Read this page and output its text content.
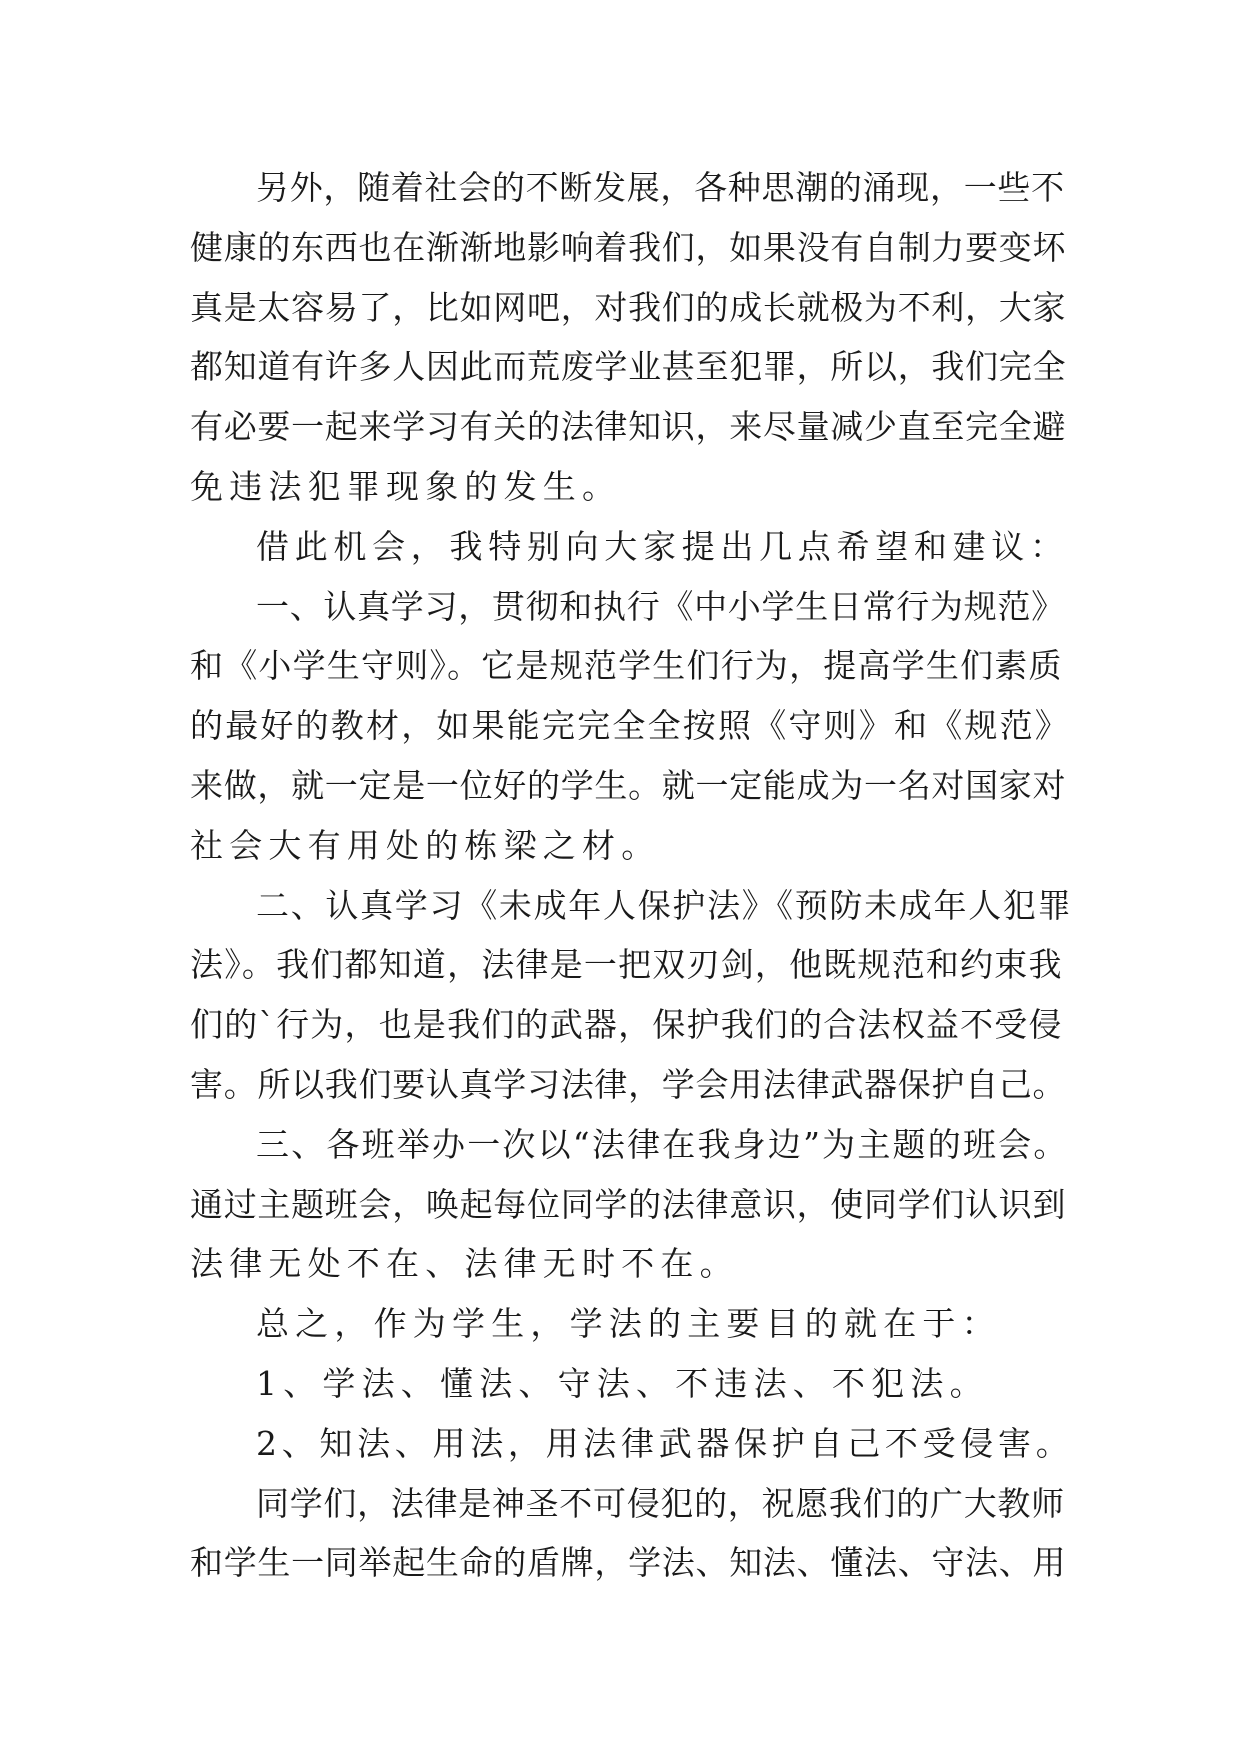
另外，随着社会的不断发展，各种思潮的涌现，一些不
健康的东西也在渐渐地影响着我们，如果没有自制力要变坏
真是太容易了，比如网吧，对我们的成长就极为不利，大家
都知道有许多人因此而荒废学业甚至犯罪，所以，我们完全
有必要一起来学习有关的法律知识，来尽量减少直至完全避
免违法犯罪现象的发生。
借此机会，我特别向大家提出几点希望和建议：
一、认真学习，贯彻和执行《中小学生日常行为规范》
和《小学生守则》。它是规范学生们行为，提高学生们素质
的最好的教材，如果能完完全全按照《守则》和《规范》
来做，就一定是一位好的学生。就一定能成为一名对国家对
社会大有用处的栋梁之材。
二、认真学习《未成年人保护法》《预防未成年人犯罪
法》。我们都知道，法律是一把双刃剑，他既规范和约束我
们的`行为，也是我们的武器，保护我们的合法权益不受侵
害。所以我们要认真学习法律，学会用法律武器保护自己。
三、各班举办一次以“法律在我身边”为主题的班会。
通过主题班会，唤起每位同学的法律意识，使同学们认识到
法律无处不在、法律无时不在。
总之，作为学生，学法的主要目的就在于：
1、学法、懂法、守法、不违法、不犯法。
2、知法、用法，用法律武器保护自己不受侵害。
同学们，法律是神圣不可侵犯的，祝愿我们的广大教师
和学生一同举起生命的盾牌，学法、知法、懂法、守法、用
